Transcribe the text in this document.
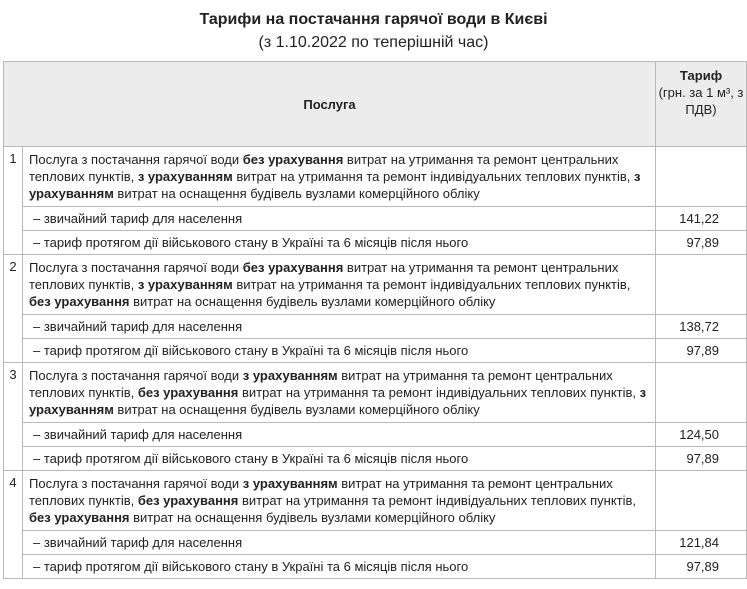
Тарифи на постачання гарячої води в Києві
(з 1.10.2022 по теперішній час)
Послуга		Тариф
(грн. за 1 м³, з ПДВ)

1	Послуга з постачання гарячої води без урахування витрат на утримання та ремонт центральних теплових пунктів, з урахуванням витрат на утримання та ремонт індивідуальних теплових пунктів, з урахуванням витрат на оснащення будівель вузлами комерційного обліку	
	– звичайний тариф для населення	141,22
	– тариф протягом дії військового стану в Україні та 6 місяців після нього	97,89
2	Послуга з постачання гарячої води без урахування витрат на утримання та ремонт центральних теплових пунктів, з урахуванням витрат на утримання та ремонт індивідуальних теплових пунктів, без урахування витрат на оснащення будівель вузлами комерційного обліку	
	– звичайний тариф для населення	138,72
	– тариф протягом дії військового стану в Україні та 6 місяців після нього	97,89
3	Послуга з постачання гарячої води з урахуванням витрат на утримання та ремонт центральних теплових пунктів, без урахування витрат на утримання та ремонт індивідуальних теплових пунктів, з урахуванням витрат на оснащення будівель вузлами комерційного обліку	
	– звичайний тариф для населення	124,50
	– тариф протягом дії військового стану в Україні та 6 місяців після нього	97,89
4	Послуга з постачання гарячої води з урахуванням витрат на утримання та ремонт центральних теплових пунктів, без урахування витрат на утримання та ремонт індивідуальних теплових пунктів, без урахування витрат на оснащення будівель вузлами комерційного обліку	
	– звичайний тариф для населення	121,84
	– тариф протягом дії військового стану в Україні та 6 місяців після нього	97,89
